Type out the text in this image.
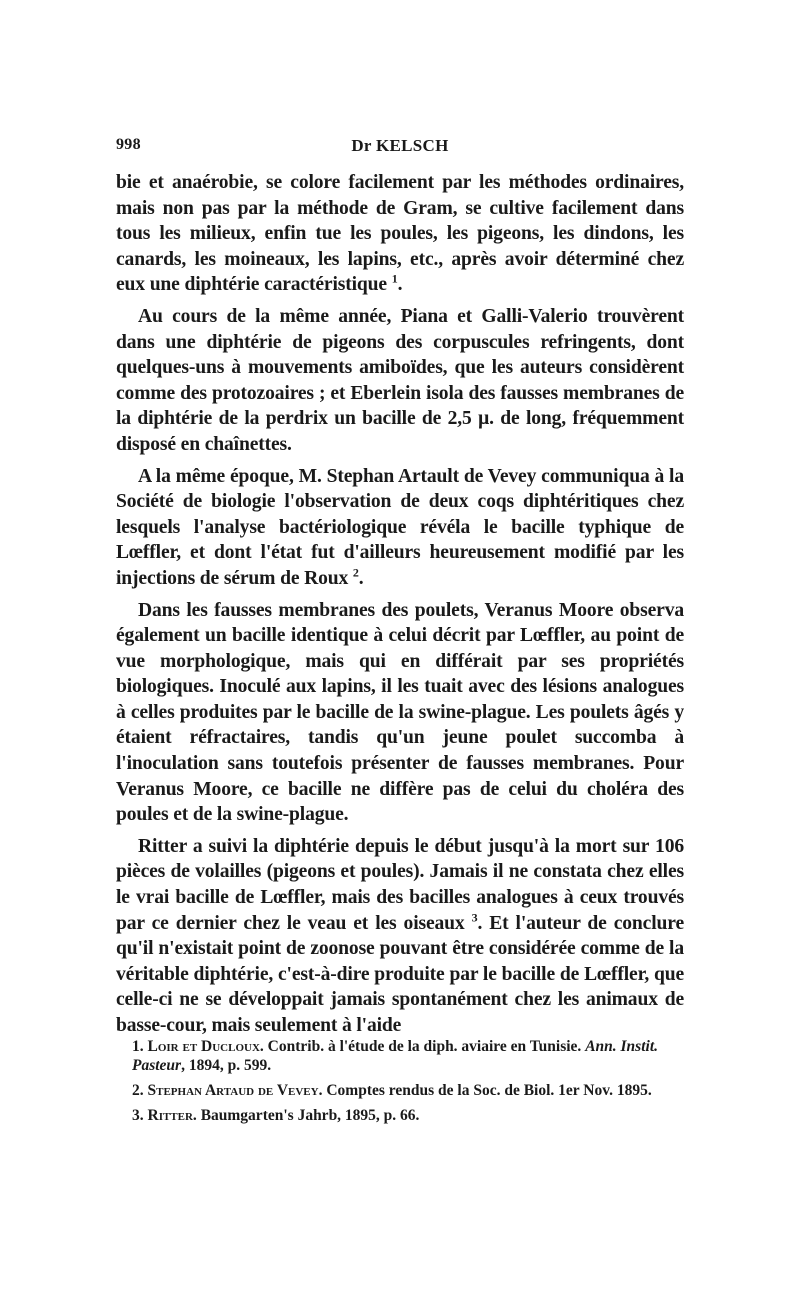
998	Dr KELSCH

bie et anaérobie, se colore facilement par les méthodes ordinaires, mais non pas par la méthode de Gram, se cultive facilement dans tous les milieux, enfin tue les poules, les pigeons, les dindons, les canards, les moineaux, les lapins, etc., après avoir déterminé chez eux une diphtérie caractéristique $^1$.

Au cours de la même année, Piana et Galli-Valerio trouvèrent dans une diphtérie de pigeons des corpuscules refringents, dont quelques-uns à mouvements amiboïdes, que les auteurs considèrent comme des protozoaires ; et Eberlein isola des fausses membranes de la diphtérie de la perdrix un bacille de 2,5 μ. de long, fréquemment disposé en chaînettes.

A la même époque, M. Stephan Artault de Vevey communiqua à la Société de biologie l'observation de deux coqs diphtéritiques chez lesquels l'analyse bactériologique révéla le bacille typhique de Lœffler, et dont l'état fut d'ailleurs heureusement modifié par les injections de sérum de Roux $^2$.

Dans les fausses membranes des poulets, Veranus Moore observa également un bacille identique à celui décrit par Lœffler, au point de vue morphologique, mais qui en différait par ses propriétés biologiques. Inoculé aux lapins, il les tuait avec des lésions analogues à celles produites par le bacille de la swine-plague. Les poulets âgés y étaient réfractaires, tandis qu'un jeune poulet succomba à l'inoculation sans toutefois présenter de fausses membranes. Pour Veranus Moore, ce bacille ne diffère pas de celui du choléra des poules et de la swine-plague.

Ritter a suivi la diphtérie depuis le début jusqu'à la mort sur 106 pièces de volailles (pigeons et poules). Jamais il ne constata chez elles le vrai bacille de Lœffler, mais des bacilles analogues à ceux trouvés par ce dernier chez le veau et les oiseaux $^3$. Et l'auteur de conclure qu'il n'existait point de zoonose pouvant être considérée comme de la véritable diphtérie, c'est-à-dire produite par le bacille de Lœffler, que celle-ci ne se développait jamais spontanément chez les animaux de basse-cour, mais seulement à l'aide

1. Loir et Ducloux. Contrib. à l'étude de la diph. aviaire en Tunisie. Ann. Instit. Pasteur, 1894, p. 599.

2. Stephan Artaud de Vevey. Comptes rendus de la Soc. de Biol. 1er Nov. 1895.

3. Ritter. Baumgarten's Jahrb, 1895, p. 66.
